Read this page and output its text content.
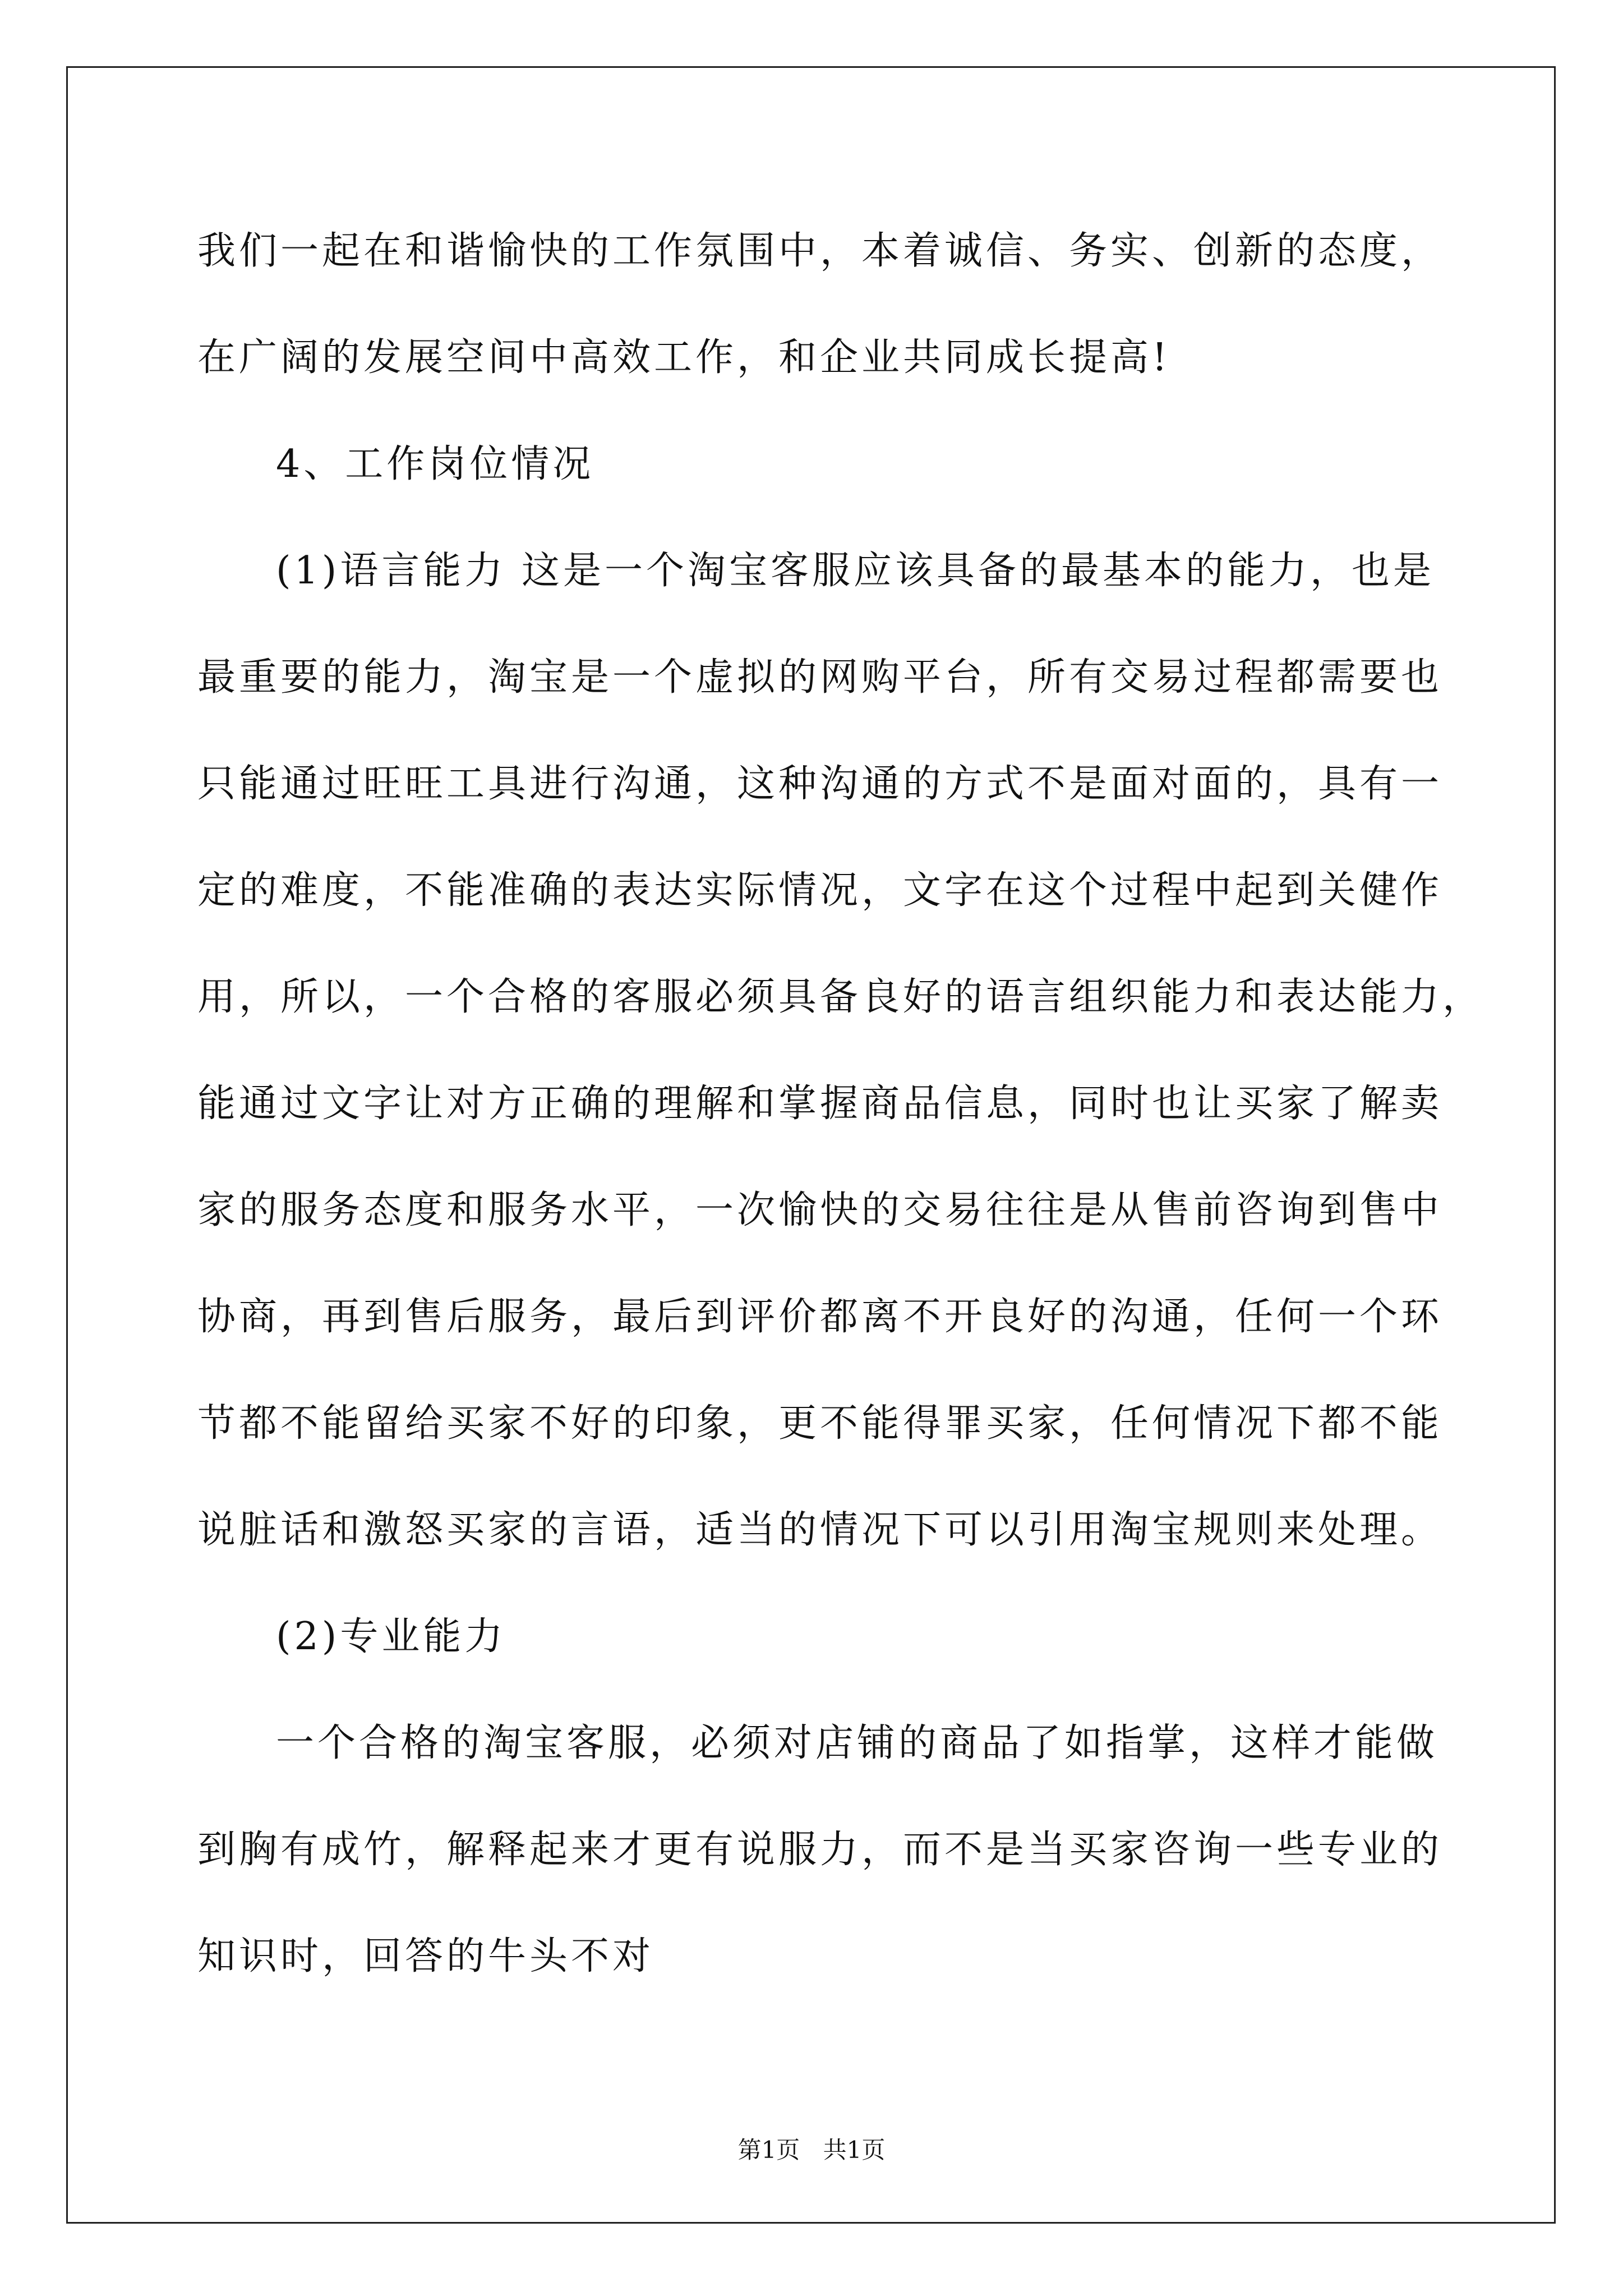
我们一起在和谐愉快的工作氛围中，本着诚信、务实、创新的态度，
在广阔的发展空间中高效工作，和企业共同成长提高!
4、工作岗位情况
(1)语言能力 这是一个淘宝客服应该具备的最基本的能力，也是
最重要的能力，淘宝是一个虚拟的网购平台，所有交易过程都需要也
只能通过旺旺工具进行沟通，这种沟通的方式不是面对面的，具有一
定的难度，不能准确的表达实际情况，文字在这个过程中起到关健作
用，所以，一个合格的客服必须具备良好的语言组织能力和表达能力，
能通过文字让对方正确的理解和掌握商品信息，同时也让买家了解卖
家的服务态度和服务水平，一次愉快的交易往往是从售前咨询到售中
协商，再到售后服务，最后到评价都离不开良好的沟通，任何一个环
节都不能留给买家不好的印象，更不能得罪买家，任何情况下都不能
说脏话和激怒买家的言语，适当的情况下可以引用淘宝规则来处理。
(2)专业能力
一个合格的淘宝客服，必须对店铺的商品了如指掌，这样才能做
到胸有成竹，解释起来才更有说服力，而不是当买家咨询一些专业的
知识时，回答的牛头不对
第1页 共1页
